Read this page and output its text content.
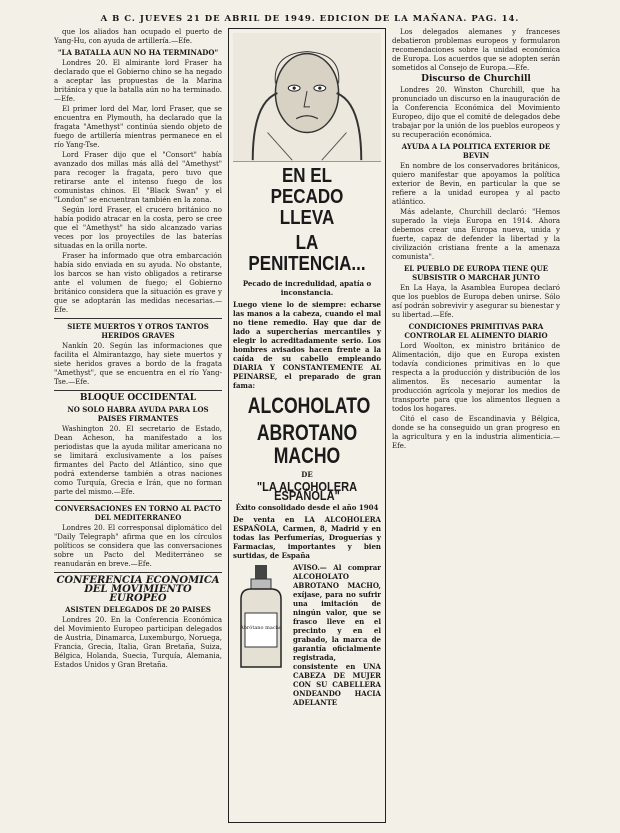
A B C. JUEVES 21 DE ABRIL DE 1949. EDICION DE LA MAÑANA. PAG. 14.

que los aliados han ocupado el puerto de Yang-Hu, con ayuda de artillería.—Efe.

"LA BATALLA AUN NO HA TERMINADO"

Londres 20. El almirante lord Fraser ha declarado que el Gobierno chino se ha negado a aceptar las propuestas de la Marina británica y que la batalla aún no ha terminado.—Efe.

El primer lord del Mar, lord Fraser, que se encuentra en Plymouth, ha declarado que la fragata "Amethyst" continúa siendo objeto de fuego de artillería mientras permanece en el río Yang-Tse.

Lord Fraser dijo que el "Consort" había avanzado dos millas más allá del "Amethyst" para recoger la fragata, pero tuvo que retirarse ante el intenso fuego de los comunistas chinos. El "Black Swan" y el "London" se encuentran también en la zona.

Según lord Fraser, el crucero británico no había podido atracar en la costa, pero se cree que el "Amethyst" ha sido alcanzado varias veces por los proyectiles de las baterías situadas en la orilla norte.

Fraser ha informado que otra embarcación había sido enviada en su ayuda. No obstante, los barcos se han visto obligados a retirarse ante el volumen de fuego; el Gobierno británico considera que la situación es grave y que se adoptarán las medidas necesarias.—Efe.

SIETE MUERTOS Y OTROS TANTOS HERIDOS GRAVES

Nankín 20. Según las informaciones que facilita el Almirantazgo, hay siete muertos y siete heridos graves a bordo de la fragata "Amethyst", que se encuentra en el río Yang-Tse.—Efe.

BLOQUE OCCIDENTAL
NO SOLO HABRA AYUDA PARA LOS PAISES FIRMANTES

Washington 20. El secretario de Estado, Dean Acheson, ha manifestado a los periodistas que la ayuda militar americana no se limitará exclusivamente a los países firmantes del Pacto del Atlántico, sino que podrá extenderse también a otras naciones como Turquía, Grecia e Irán, que no forman parte del mismo.—Efe.

CONVERSACIONES EN TORNO AL PACTO DEL MEDITERRANEO

Londres 20. El corresponsal diplomático del "Daily Telegraph" afirma que en los círculos políticos se considera que las conversaciones sobre un Pacto del Mediterráneo se reanudarán en breve.—Efe.

CONFERENCIA ECONOMICA DEL MOVIMIENTO EUROPEO
ASISTEN DELEGADOS DE 20 PAISES

Londres 20. En la Conferencia Económica del Movimiento Europeo participan delegados de Austria, Dinamarca, Luxemburgo, Noruega, Francia, Grecia, Italia, Gran Bretaña, Suiza, Bélgica, Holanda, Suecia, Turquía, Alemania, Estados Unidos y Gran Bretaña.

EN EL PECADO LLEVA
LA PENITENCIA...
Pecado de incredulidad, apatía o inconstancia.
Luego viene lo de siempre: echarse las manos a la cabeza, cuando el mal no tiene remedio. Hay que dar de lado a supercherías mercantiles y elegir lo acreditadamente serio. Los hombres avisados hacen frente a la caída de su cabello empleando DIARIA Y CONSTANTEMENTE AL PEINARSE, el preparado de gran fama:
ALCOHOLATO
ABROTANO MACHO
DE
"LA ALCOHOLERA ESPAÑOLA"
Éxito consolidado desde el año 1904
De venta en LA ALCOHOLERA ESPAÑOLA, Carmen, 8, Madrid y en todas las Perfumerías, Droguerías y Farmacias, importantes y bien surtidas, de España
Abrótano macho
AVISO.— Al comprar ALCOHOLATO ABROTANO MACHO, exíjase, para no sufrir una imitación de ningún valor, que se frasco lleve en el precinto y en el grabado, la marca de garantía oficialmente registrada, consistente en UNA CABEZA DE MUJER CON SU CABELLERA ONDEANDO HACIA ADELANTE

Los delegados alemanes y franceses debatieron problemas europeos y formularon recomendaciones sobre la unidad económica de Europa. Los acuerdos que se adopten serán sometidos al Consejo de Europa.—Efe.

Discurso de Churchill

Londres 20. Winston Churchill, que ha pronunciado un discurso en la inauguración de la Conferencia Económica del Movimiento Europeo, dijo que el comité de delegados debe trabajar por la unión de los pueblos europeos y su recuperación económica.

AYUDA A LA POLITICA EXTERIOR DE BEVIN

En nombre de los conservadores británicos, quiero manifestar que apoyamos la política exterior de Bevin, en particular la que se refiere a la unidad europea y al pacto atlántico.

Más adelante, Churchill declaró: "Hemos superado la vieja Europa en 1914. Ahora debemos crear una Europa nueva, unida y fuerte, capaz de defender la libertad y la civilización cristiana frente a la amenaza comunista".

EL PUEBLO DE EUROPA TIENE QUE SUBSISTIR O MARCHAR JUNTO

En La Haya, la Asamblea Europea declaró que los pueblos de Europa deben unirse. Sólo así podrán sobrevivir y asegurar su bienestar y su libertad.—Efe.

CONDICIONES PRIMITIVAS PARA CONTROLAR EL ALIMENTO DIARIO

Lord Woolton, ex ministro británico de Alimentación, dijo que en Europa existen todavía condiciones primitivas en lo que respecta a la producción y distribución de los alimentos. Es necesario aumentar la producción agrícola y mejorar los medios de transporte para que los alimentos lleguen a todos los hogares.

Citó el caso de Escandinavia y Bélgica, donde se ha conseguido un gran progreso en la agricultura y en la industria alimenticia.—Efe.
